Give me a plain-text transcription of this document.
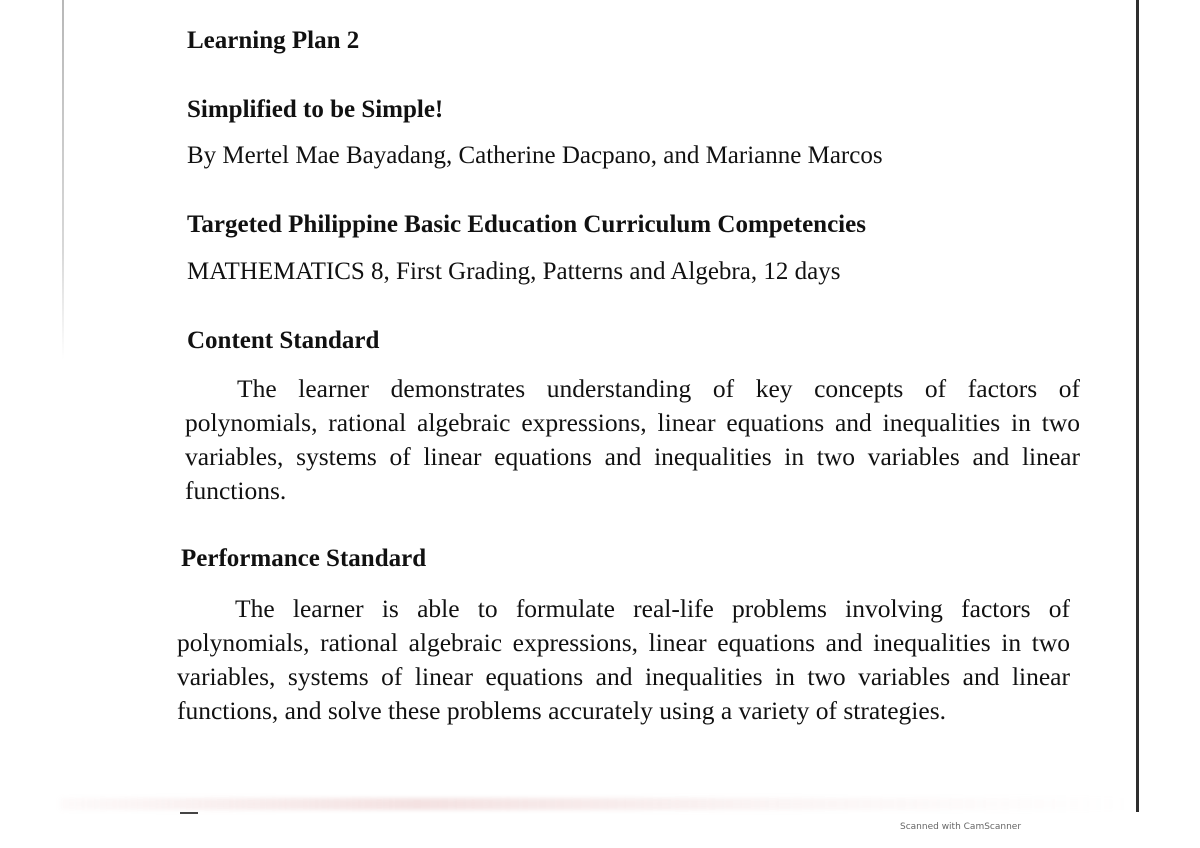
Learning Plan 2
Simplified to be Simple!
By Mertel Mae Bayadang, Catherine Dacpano, and Marianne Marcos
Targeted Philippine Basic Education Curriculum Competencies
MATHEMATICS 8, First Grading, Patterns and Algebra, 12 days
Content Standard
The learner demonstrates understanding of key concepts of factors of polynomials, rational algebraic expressions, linear equations and inequalities in two variables, systems of linear equations and inequalities in two variables and linear functions.
Performance Standard
The learner is able to formulate real-life problems involving factors of polynomials, rational algebraic expressions, linear equations and inequalities in two variables, systems of linear equations and inequalities in two variables and linear functions, and solve these problems accurately using a variety of strategies.
Scanned with CamScanner
